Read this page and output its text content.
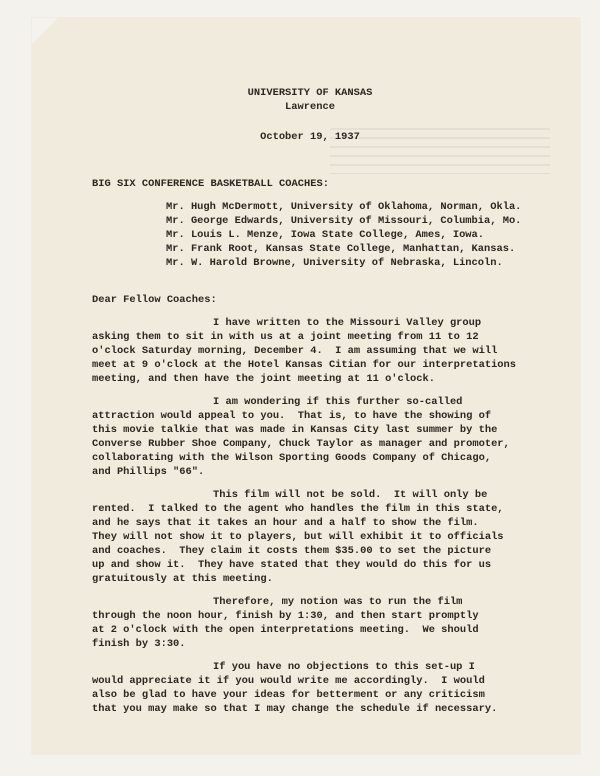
UNIVERSITY OF KANSAS
Lawrence
October 19, 1937
BIG SIX CONFERENCE BASKETBALL COACHES:
Mr. Hugh McDermott, University of Oklahoma, Norman, Okla.
Mr. George Edwards, University of Missouri, Columbia, Mo.
Mr. Louis L. Menze, Iowa State College, Ames, Iowa.
Mr. Frank Root, Kansas State College, Manhattan, Kansas.
Mr. W. Harold Browne, University of Nebraska, Lincoln.
Dear Fellow Coaches:
I have written to the Missouri Valley group
asking them to sit in with us at a joint meeting from 11 to 12
o'clock Saturday morning, December 4.  I am assuming that we will
meet at 9 o'clock at the Hotel Kansas Citian for our interpretations
meeting, and then have the joint meeting at 11 o'clock.
I am wondering if this further so-called
attraction would appeal to you.  That is, to have the showing of
this movie talkie that was made in Kansas City last summer by the
Converse Rubber Shoe Company, Chuck Taylor as manager and promoter,
collaborating with the Wilson Sporting Goods Company of Chicago,
and Phillips "66".
This film will not be sold.  It will only be
rented.  I talked to the agent who handles the film in this state,
and he says that it takes an hour and a half to show the film.
They will not show it to players, but will exhibit it to officials
and coaches.  They claim it costs them $35.00 to set the picture
up and show it.  They have stated that they would do this for us
gratuitously at this meeting.
Therefore, my notion was to run the film
through the noon hour, finish by 1:30, and then start promptly
at 2 o'clock with the open interpretations meeting.  We should
finish by 3:30.
If you have no objections to this set-up I
would appreciate it if you would write me accordingly.  I would
also be glad to have your ideas for betterment or any criticism
that you may make so that I may change the schedule if necessary.
